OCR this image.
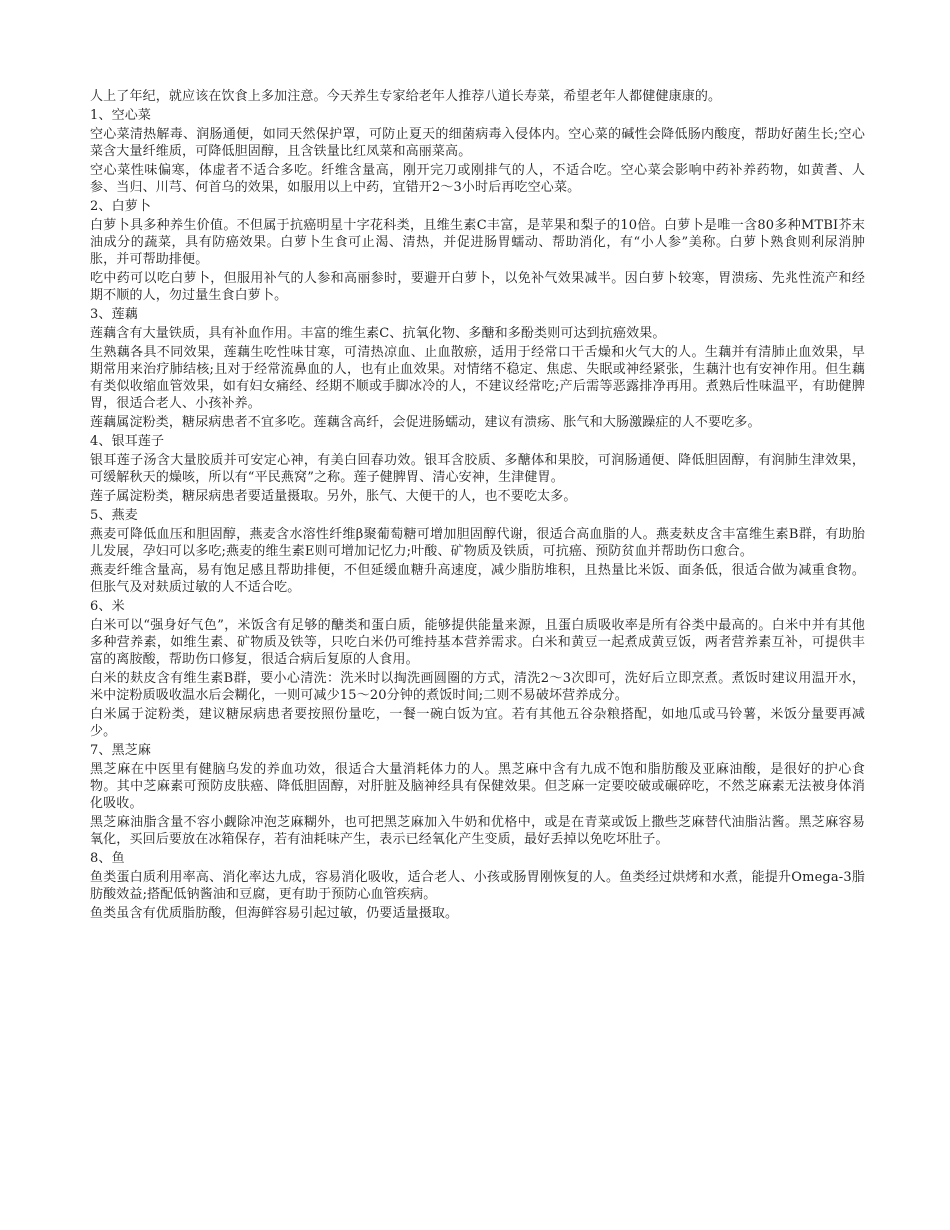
人上了年纪，就应该在饮食上多加注意。今天养生专家给老年人推荐八道长寿菜，希望老年人都健健康康的。
1、空心菜
空心菜清热解毒、润肠通便，如同天然保护罩，可防止夏天的细菌病毒入侵体内。空心菜的碱性会降低肠内酸度，帮助好菌生长;空心菜含大量纤维质，可降低胆固醇，且含铁量比红凤菜和高丽菜高。
空心菜性味偏寒，体虚者不适合多吃。纤维含量高，刚开完刀或刚排气的人，不适合吃。空心菜会影响中药补养药物，如黄耆、人参、当归、川芎、何首乌的效果，如服用以上中药，宜错开2～3小时后再吃空心菜。
2、白萝卜
白萝卜具多种养生价值。不但属于抗癌明星十字花科类，且维生素C丰富，是苹果和梨子的10倍。白萝卜是唯一含80多种MTBI芥末油成分的蔬菜，具有防癌效果。白萝卜生食可止渴、清热，并促进肠胃蠕动、帮助消化，有“小人参”美称。白萝卜熟食则利尿消肿胀，并可帮助排便。
吃中药可以吃白萝卜，但服用补气的人参和高丽参时，要避开白萝卜，以免补气效果减半。因白萝卜较寒，胃溃疡、先兆性流产和经期不顺的人，勿过量生食白萝卜。
3、莲藕
莲藕含有大量铁质，具有补血作用。丰富的维生素C、抗氧化物、多醣和多酚类则可达到抗癌效果。
生熟藕各具不同效果，莲藕生吃性味甘寒，可清热凉血、止血散瘀，适用于经常口干舌燥和火气大的人。生藕并有清肺止血效果，早期常用来治疗肺结核;且对于经常流鼻血的人，也有止血效果。对情绪不稳定、焦虑、失眠或神经紧张，生藕汁也有安神作用。但生藕有类似收缩血管效果，如有妇女痛经、经期不顺或手脚冰冷的人，不建议经常吃;产后需等恶露排净再用。煮熟后性味温平，有助健脾胃，很适合老人、小孩补养。
莲藕属淀粉类，糖尿病患者不宜多吃。莲藕含高纤，会促进肠蠕动，建议有溃疡、胀气和大肠激躁症的人不要吃多。
4、银耳莲子
银耳莲子汤含大量胶质并可安定心神，有美白回春功效。银耳含胶质、多醣体和果胶，可润肠通便、降低胆固醇，有润肺生津效果，可缓解秋天的燥咳，所以有“平民燕窝”之称。莲子健脾胃、清心安神，生津健胃。
莲子属淀粉类，糖尿病患者要适量摄取。另外，胀气、大便干的人，也不要吃太多。
5、燕麦
燕麦可降低血压和胆固醇，燕麦含水溶性纤维β聚葡萄糖可增加胆固醇代谢，很适合高血脂的人。燕麦麸皮含丰富维生素B群，有助胎儿发展，孕妇可以多吃;燕麦的维生素E则可增加记忆力;叶酸、矿物质及铁质，可抗癌、预防贫血并帮助伤口愈合。
燕麦纤维含量高，易有饱足感且帮助排便，不但延缓血糖升高速度，减少脂肪堆积，且热量比米饭、面条低，很适合做为减重食物。但胀气及对麸质过敏的人不适合吃。
6、米
白米可以“强身好气色”，米饭含有足够的醣类和蛋白质，能够提供能量来源，且蛋白质吸收率是所有谷类中最高的。白米中并有其他多种营养素，如维生素、矿物质及铁等，只吃白米仍可维持基本营养需求。白米和黄豆一起煮成黄豆饭，两者营养素互补，可提供丰富的离胺酸，帮助伤口修复，很适合病后复原的人食用。
白米的麸皮含有维生素B群，要小心清洗：洗米时以掏洗画圆圈的方式，清洗2～3次即可，洗好后立即烹煮。煮饭时建议用温开水，米中淀粉质吸收温水后会糊化，一则可减少15～20分钟的煮饭时间;二则不易破坏营养成分。
白米属于淀粉类，建议糖尿病患者要按照份量吃，一餐一碗白饭为宜。若有其他五谷杂粮搭配，如地瓜或马铃薯，米饭分量要再减少。
7、黑芝麻
黑芝麻在中医里有健脑乌发的养血功效，很适合大量消耗体力的人。黑芝麻中含有九成不饱和脂肪酸及亚麻油酸，是很好的护心食物。其中芝麻素可预防皮肤癌、降低胆固醇，对肝脏及脑神经具有保健效果。但芝麻一定要咬破或碾碎吃，不然芝麻素无法被身体消化吸收。
黑芝麻油脂含量不容小觑除冲泡芝麻糊外，也可把黑芝麻加入牛奶和优格中，或是在青菜或饭上撒些芝麻替代油脂沾酱。黑芝麻容易氧化，买回后要放在冰箱保存，若有油耗味产生，表示已经氧化产生变质，最好丢掉以免吃坏肚子。
8、鱼
鱼类蛋白质利用率高、消化率达九成，容易消化吸收，适合老人、小孩或肠胃刚恢复的人。鱼类经过烘烤和水煮，能提升Omega-3脂肪酸效益;搭配低钠酱油和豆腐，更有助于预防心血管疾病。
鱼类虽含有优质脂肪酸，但海鲜容易引起过敏，仍要适量摄取。
